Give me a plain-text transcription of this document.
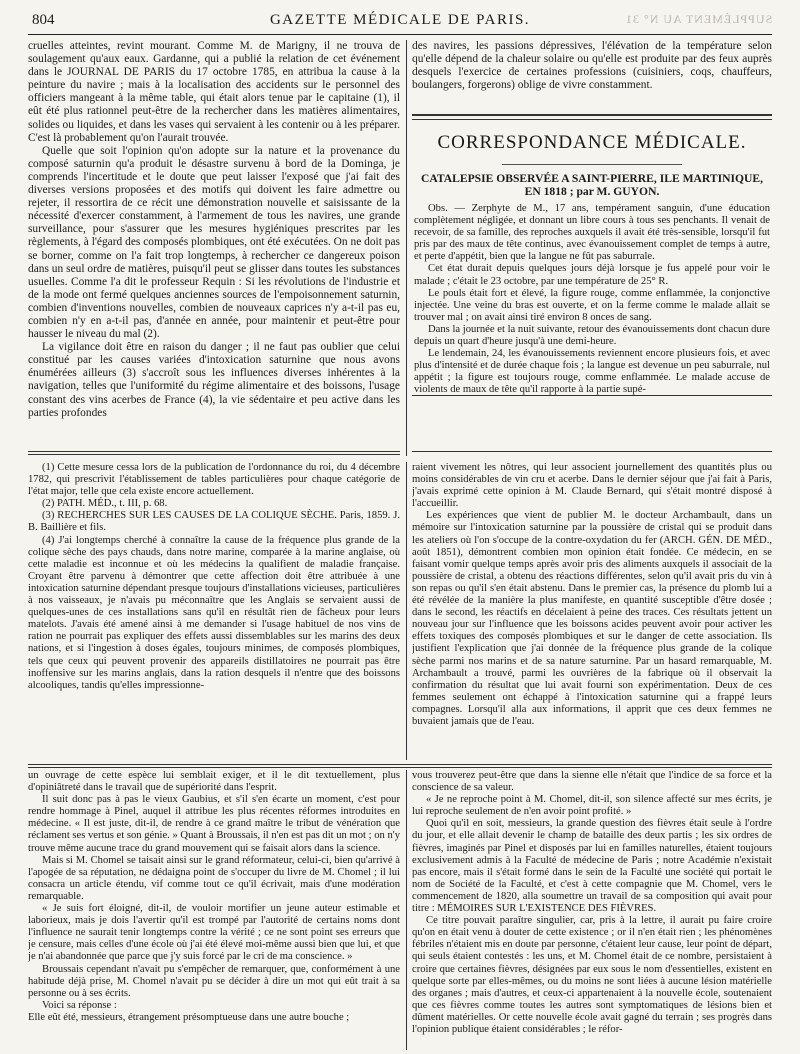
804	GAZETTE MÉDICALE DE PARIS.	SUPPLÉMENT AU N° 31

cruelles atteintes, revint mourant. Comme M. de Marigny, il ne trouva de soulagement qu'aux eaux. Gardanne, qui a publié la relation de cet événement dans le JOURNAL DE PARIS du 17 octobre 1785, en attribua la cause à la peinture du navire ; mais à la localisation des accidents sur le personnel des officiers mangeant à la même table, qui était alors tenue par le capitaine (1), il eût été plus rationnel peut-être de la rechercher dans les matières alimentaires, solides ou liquides, et dans les vases qui servaient à les contenir ou à les préparer. C'est là probablement qu'on l'aurait trouvée.

Quelle que soit l'opinion qu'on adopte sur la nature et la provenance du composé saturnin qu'a produit le désastre survenu à bord de la Dominga, je comprends l'incertitude et le doute que peut laisser l'exposé que j'ai fait des diverses versions proposées et des motifs qui doivent les faire admettre ou rejeter, il ressortira de ce récit une démonstration nouvelle et saisissante de la nécessité d'exercer constamment, à l'armement de tous les navires, une grande surveillance, pour s'assurer que les mesures hygiéniques prescrites par les règlements, à l'égard des composés plombiques, ont été exécutées. On ne doit pas se borner, comme on l'a fait trop longtemps, à rechercher ce dangereux poison dans un seul ordre de matières, puisqu'il peut se glisser dans toutes les substances usuelles. Comme l'a dit le professeur Requin : Si les révolutions de l'industrie et de la mode ont fermé quelques anciennes sources de l'empoisonnement saturnin, combien d'inventions nouvelles, combien de nouveaux caprices n'y a-t-il pas eu, combien n'y en a-t-il pas, d'année en année, pour maintenir et peut-être pour hausser le niveau du mal (2).

La vigilance doit être en raison du danger ; il ne faut pas oublier que celui constitué par les causes variées d'intoxication saturnine que nous avons énumérées ailleurs (3) s'accroît sous les influences diverses inhérentes à la navigation, telles que l'uniformité du régime alimentaire et des boissons, l'usage constant des vins acerbes de France (4), la vie sédentaire et peu active dans les parties profondes

des navires, les passions dépressives, l'élévation de la température selon qu'elle dépend de la chaleur solaire ou qu'elle est produite par des feux auprès desquels l'exercice de certaines professions (cuisiniers, coqs, chauffeurs, boulangers, forgerons) oblige de vivre constamment.

CORRESPONDANCE MÉDICALE.
CATALEPSIE OBSERVÉE A SAINT-PIERRE, ILE MARTINIQUE, EN 1818 ; par M. GUYON.

Obs. — Zerphyte de M., 17 ans, tempérament sanguin, d'une éducation complètement négligée, et donnant un libre cours à tous ses penchants. Il venait de recevoir, de sa famille, des reproches auxquels il avait été très-sensible, lorsqu'il fut pris par des maux de tête continus, avec évanouissement complet de temps à autre, et perte d'appétit, bien que la langue ne fût pas saburrale.

Cet état durait depuis quelques jours déjà lorsque je fus appelé pour voir le malade ; c'était le 23 octobre, par une température de 25° R.

Le pouls était fort et élevé, la figure rouge, comme enflammée, la conjonctive injectée. Une veine du bras est ouverte, et on la ferme comme le malade allait se trouver mal ; on avait ainsi tiré environ 8 onces de sang.

Dans la journée et la nuit suivante, retour des évanouissements dont chacun dure depuis un quart d'heure jusqu'à une demi-heure.

Le lendemain, 24, les évanouissements reviennent encore plusieurs fois, et avec plus d'intensité et de durée chaque fois ; la langue est devenue un peu saburrale, nul appétit ; la figure est toujours rouge, comme enflammée. Le malade accuse de violents de maux de tête qu'il rapporte à la partie supé-

(1) Cette mesure cessa lors de la publication de l'ordonnance du roi, du 4 décembre 1782, qui prescrivit l'établissement de tables particulières pour chaque catégorie de l'état major, telle que cela existe encore actuellement.

(2) PATH. MÉD., t. III, p. 68.

(3) RECHERCHES SUR LES CAUSES DE LA COLIQUE SÈCHE. Paris, 1859. J. B. Baillière et fils.

(4) J'ai longtemps cherché à connaître la cause de la fréquence plus grande de la colique sèche des pays chauds, dans notre marine, comparée à la marine anglaise, où cette maladie est inconnue et où les médecins la qualifient de maladie française. Croyant être parvenu à démontrer que cette affection doit être attribuée à une intoxication saturnine dépendant presque toujours d'installations vicieuses, particulières à nos vaisseaux, je n'avais pu méconnaître que les Anglais se servaient aussi de quelques-unes de ces installations sans qu'il en résultât rien de fâcheux pour leurs matelots. J'avais été amené ainsi à me demander si l'usage habituel de nos vins de ration ne pourrait pas expliquer des effets aussi dissemblables sur les marins des deux nations, et si l'ingestion à doses égales, toujours minimes, de composés plombiques, tels que ceux qui peuvent provenir des appareils distillatoires ne pourrait pas être inoffensive sur les marins anglais, dans la ration desquels il n'entre que des boissons alcooliques, tandis qu'elles impressionne-

raient vivement les nôtres, qui leur associent journellement des quantités plus ou moins considérables de vin cru et acerbe. Dans le dernier séjour que j'ai fait à Paris, j'avais exprimé cette opinion à M. Claude Bernard, qui s'était montré disposé à l'accueillir.

Les expériences que vient de publier M. le docteur Archambault, dans un mémoire sur l'intoxication saturnine par la poussière de cristal qui se produit dans les ateliers où l'on s'occupe de la contre-oxydation du fer (ARCH. GÉN. DE MÉD., août 1851), démontrent combien mon opinion était fondée. Ce médecin, en se faisant vomir quelque temps après avoir pris des aliments auxquels il associait de la poussière de cristal, a obtenu des réactions différentes, selon qu'il avait pris du vin à son repas ou qu'il s'en était abstenu. Dans le premier cas, la présence du plomb lui a été révélée de la manière la plus manifeste, en quantité susceptible d'être dosée ; dans le second, les réactifs en décelaient à peine des traces. Ces résultats jettent un nouveau jour sur l'influence que les boissons acides peuvent avoir pour activer les effets toxiques des composés plombiques et sur le danger de cette association. Ils justifient l'explication que j'ai donnée de la fréquence plus grande de la colique sèche parmi nos marins et de sa nature saturnine. Par un hasard remarquable, M. Archambault a trouvé, parmi les ouvrières de la fabrique où il observait la confirmation du résultat que lui avait fourni son expérimentation. Deux de ces femmes seulement ont échappé à l'intoxication saturnine qui a frappé leurs compagnes. Lorsqu'il alla aux informations, il apprit que ces deux femmes ne buvaient jamais que de l'eau.

un ouvrage de cette espèce lui semblait exiger, et il le dit textuellement, plus d'opiniâtreté dans le travail que de supériorité dans l'esprit.

Il suit donc pas à pas le vieux Gaubius, et s'il s'en écarte un moment, c'est pour rendre hommage à Pinel, auquel il attribue les plus récentes réformes introduites en médecine. « Il est juste, dit-il, de rendre à ce grand maître le tribut de vénération que réclament ses vertus et son génie. » Quant à Broussais, il n'en est pas dit un mot ; on n'y trouve même aucune trace du grand mouvement qui se faisait alors dans la science.

Mais si M. Chomel se taisait ainsi sur le grand réformateur, celui-ci, bien qu'arrivé à l'apogée de sa réputation, ne dédaigna point de s'occuper du livre de M. Chomel ; il lui consacra un article étendu, vif comme tout ce qu'il écrivait, mais d'une modération remarquable.

« Je suis fort éloigné, dit-il, de vouloir mortifier un jeune auteur estimable et laborieux, mais je dois l'avertir qu'il est trompé par l'autorité de certains noms dont l'influence ne saurait tenir longtemps contre la vérité ; ce ne sont point ses erreurs que je censure, mais celles d'une école où j'ai été élevé moi-même aussi bien que lui, et que je n'ai abandonnée que parce que j'y suis forcé par le cri de ma conscience. »

Broussais cependant n'avait pu s'empêcher de remarquer, que, conformément à une habitude déjà prise, M. Chomel n'avait pu se décider à dire un mot qui eût trait à sa personne ou à ses écrits.

Voici sa réponse :

Elle eût été, messieurs, étrangement présomptueuse dans une autre bouche ;

vous trouverez peut-être que dans la sienne elle n'était que l'indice de sa force et la conscience de sa valeur.

« Je ne reproche point à M. Chomel, dit-il, son silence affecté sur mes écrits, je lui reproche seulement de n'en avoir point profité. »

Quoi qu'il en soit, messieurs, la grande question des fièvres était seule à l'ordre du jour, et elle allait devenir le champ de bataille des deux partis ; les six ordres de fièvres, imaginés par Pinel et disposés par lui en familles naturelles, étaient toujours exclusivement admis à la Faculté de médecine de Paris ; notre Académie n'existait pas encore, mais il s'était formé dans le sein de la Faculté une société qui portait le nom de Société de la Faculté, et c'est à cette compagnie que M. Chomel, vers le commencement de 1820, alla soumettre un travail de sa composition qui avait pour titre : MÉMOIRES SUR L'EXISTENCE DES FIÈVRES.

Ce titre pouvait paraître singulier, car, pris à la lettre, il aurait pu faire croire qu'on en était venu à douter de cette existence ; or il n'en était rien ; les phénomènes fébriles n'étaient mis en doute par personne, c'étaient leur cause, leur point de départ, qui seuls étaient contestés : les uns, et M. Chomel était de ce nombre, persistaient à croire que certaines fièvres, désignées par eux sous le nom d'essentielles, existent en quelque sorte par elles-mêmes, ou du moins ne sont liées à aucune lésion matérielle des organes ; mais d'autres, et ceux-ci appartenaient à la nouvelle école, soutenaient que ces fièvres comme toutes les autres sont symptomatiques de lésions bien et dûment matérielles. Or cette nouvelle école avait gagné du terrain ; ses progrès dans l'opinion publique étaient considérables ; le réfor-
